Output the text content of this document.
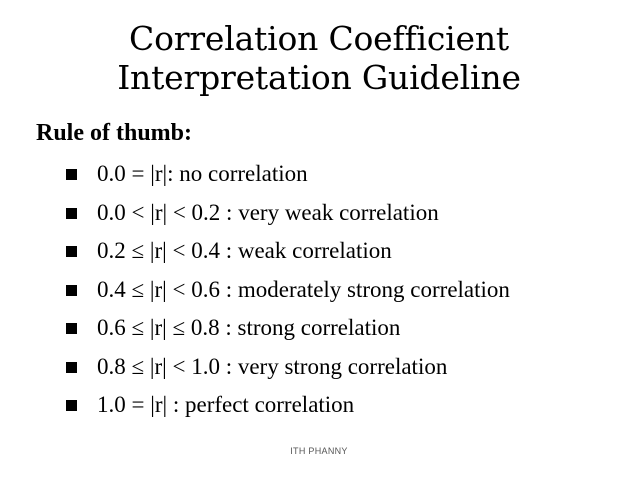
Correlation Coefficient
Interpretation Guideline
Rule of thumb:
0.0 = |r|: no correlation
0.0 < |r| < 0.2 : very weak correlation
0.2 ≤ |r| < 0.4 : weak correlation
0.4 ≤ |r| < 0.6 : moderately strong correlation
0.6 ≤ |r| ≤ 0.8 : strong correlation
0.8 ≤ |r| < 1.0 : very strong correlation
1.0 = |r| : perfect correlation
ITH PHANNY
